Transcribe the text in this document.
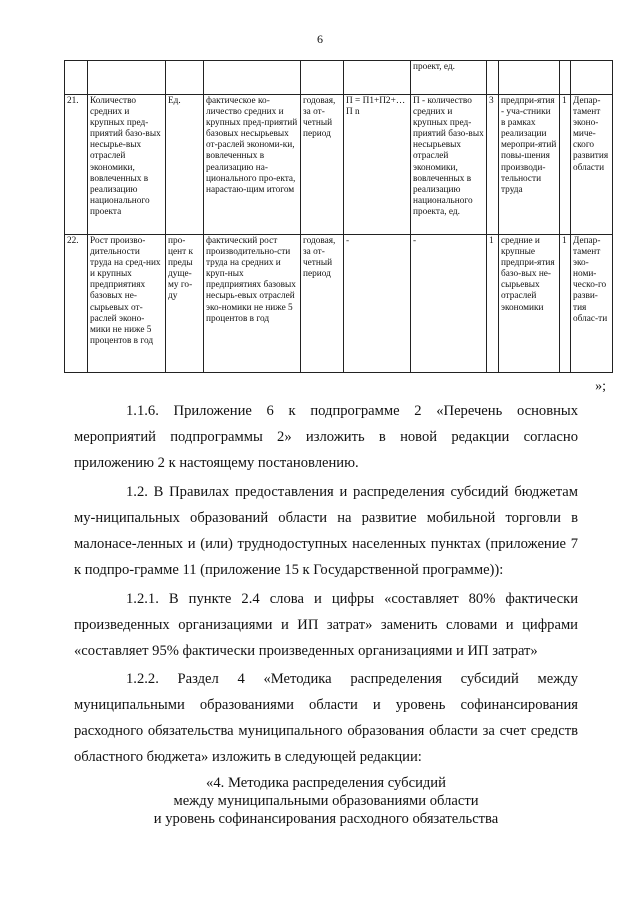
6
						проект, ед.				
21.	Количество средних и крупных пред-приятий базо-вых несырье-вых отраслей экономики, вовлеченных в реализацию национального проекта	Ед.	фактическое ко-личество средних и крупных пред-приятий базовых несырьевых от-раслей экономи-ки, вовлеченных в реализацию на-ционального про-екта, нарастаю-щим итогом	годовая, за от-четный период	П = П1+П2+…П n	П - количество средних и крупных пред-приятий базо-вых несырьевых отраслей экономики, вовлеченных в реализацию национального проекта, ед.	3	предпри-ятия - уча-стники в рамках реализации меропри-ятий повы-шения производи-тельности труда	1	Депар-тамент эконо-миче-ского развития области
22.	Рост произво-дительности труда на сред-них и крупных предприятиях базовых не-сырьевых от-раслей эконо-мики не ниже 5 процентов в год	про-цент к преды дуще-му го-ду	фактический рост производительно-сти труда на средних и круп-ных предприятиях базовых несырь-евых отраслей эко-номики не ниже 5 процентов в год	годовая, за от-четный период	-	-	1	средние и крупные предпри-ятия базо-вых не-сырьевых отраслей экономики	1	Депар-тамент эко-номи-ческо-го разви-тия облас-ти
»;

1.1.6. Приложение 6 к подпрограмме 2 «Перечень основных мероприятий подпрограммы 2» изложить в новой редакции согласно приложению 2 к настоящему постановлению.

1.2. В Правилах предоставления и распределения субсидий бюджетам му-ниципальных образований области на развитие мобильной торговли в малонасе-ленных и (или) труднодоступных населенных пунктах (приложение 7 к подпро-грамме 11 (приложение 15 к Государственной программе)):

1.2.1. В пункте 2.4 слова и цифры «составляет 80% фактически произведенных организациями и ИП затрат» заменить словами и цифрами «составляет 95% фактически произведенных организациями и ИП затрат»

1.2.2. Раздел 4 «Методика распределения субсидий между муниципальными образованиями области и уровень софинансирования расходного обязательства муниципального образования области за счет средств областного бюджета» изложить в следующей редакции:

«4. Методика распределения субсидий
между муниципальными образованиями области
и уровень софинансирования расходного обязательства
